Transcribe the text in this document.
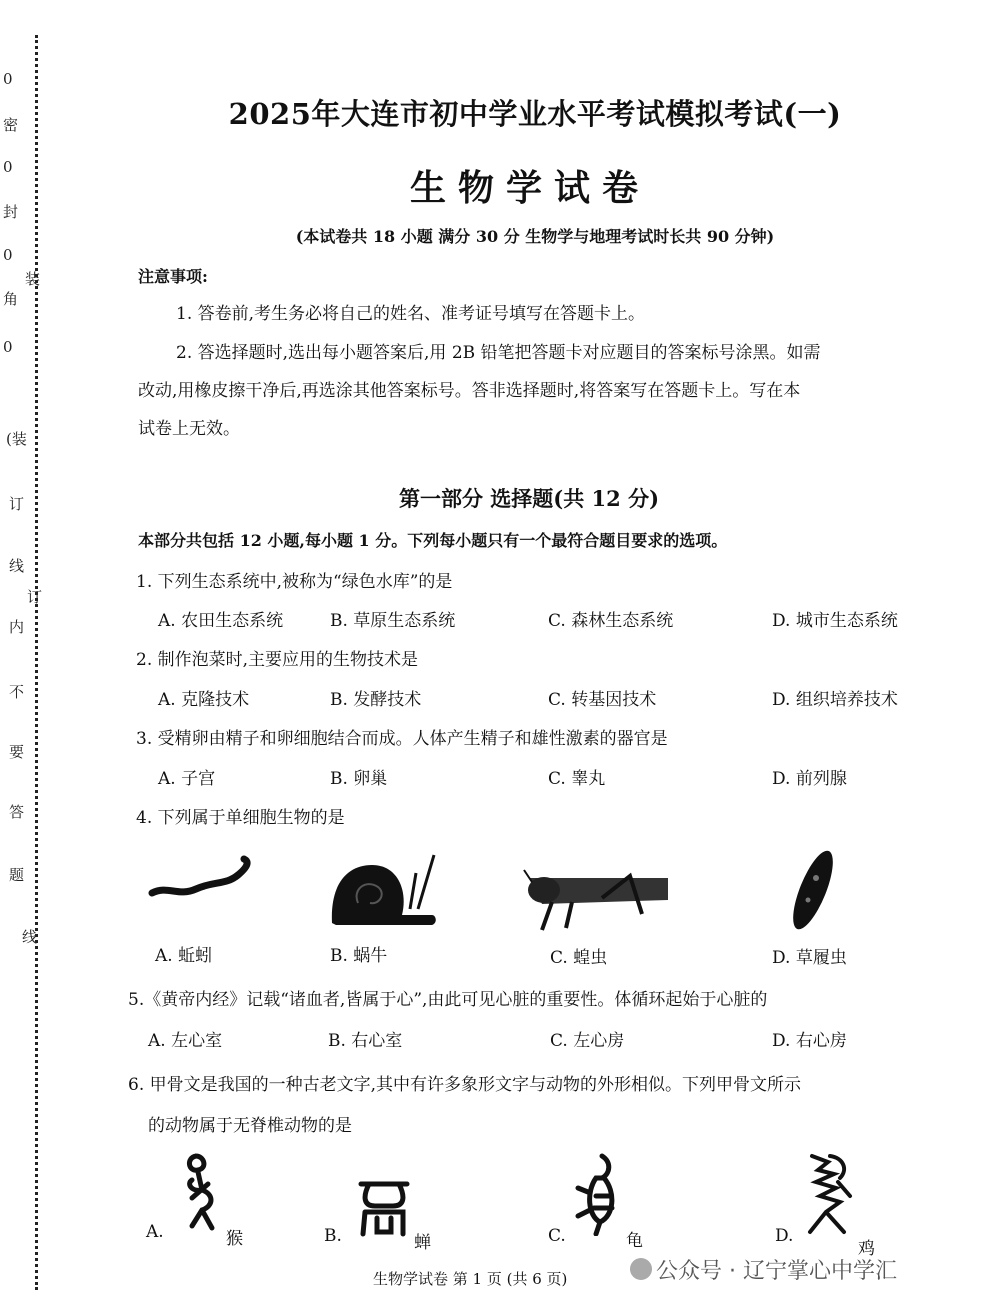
0
密
0
封
0
装
角
0
(装
订
线
订
内
不
要
答
题
线
2025年大连市初中学业水平考试模拟考试(一)
生物学试卷
(本试卷共 18 小题 满分 30 分 生物学与地理考试时长共 90 分钟)
注意事项:
1. 答卷前,考生务必将自己的姓名、准考证号填写在答题卡上。
2. 答选择题时,选出每小题答案后,用 2B 铅笔把答题卡对应题目的答案标号涂黑。如需
改动,用橡皮擦干净后,再选涂其他答案标号。答非选择题时,将答案写在答题卡上。写在本
试卷上无效。
第一部分 选择题(共 12 分)
本部分共包括 12 小题,每小题 1 分。下列每小题只有一个最符合题目要求的选项。
1. 下列生态系统中,被称为“绿色水库”的是
A. 农田生态系统	B. 草原生态系统	C. 森林生态系统	D. 城市生态系统
2. 制作泡菜时,主要应用的生物技术是
A. 克隆技术	B. 发酵技术	C. 转基因技术	D. 组织培养技术
3. 受精卵由精子和卵细胞结合而成。人体产生精子和雄性激素的器官是
A. 子宫	B. 卵巢	C. 睾丸	D. 前列腺
4. 下列属于单细胞生物的是
A. 蚯蚓	B. 蜗牛	C. 蝗虫	D. 草履虫
5.《黄帝内经》记载“诸血者,皆属于心”,由此可见心脏的重要性。体循环起始于心脏的
A. 左心室	B. 右心室	C. 左心房	D. 右心房
6. 甲骨文是我国的一种古老文字,其中有许多象形文字与动物的外形相似。下列甲骨文所示
的动物属于无脊椎动物的是
A.	猴	B.	蝉	C.	龟	D.
鸡
生物学试卷 第 1 页 (共 6 页)	公众号 · 辽宁掌心中学汇
